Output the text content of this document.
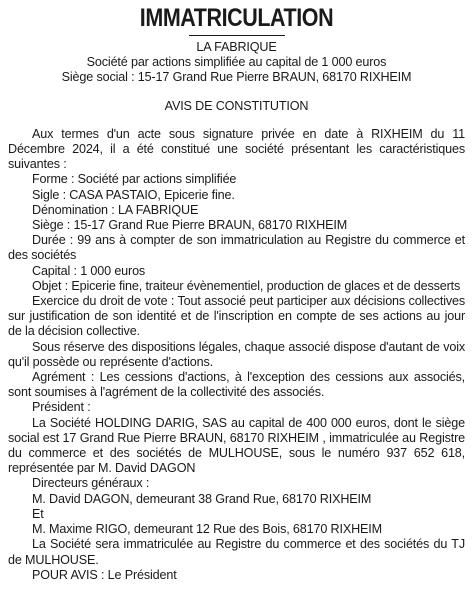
IMMATRICULATION
LA FABRIQUE
Société par actions simplifiée au capital de 1 000 euros
Siège social : 15-17 Grand Rue Pierre BRAUN, 68170 RIXHEIM
AVIS DE CONSTITUTION

Aux termes d'un acte sous signature privée en date à RIXHEIM du 11 Décembre 2024, il a été constitué une société présentant les caractéristiques suivantes :

Forme : Société par actions simplifiée

Sigle : CASA PASTAIO, Epicerie fine.

Dénomination : LA FABRIQUE

Siège : 15-17 Grand Rue Pierre BRAUN, 68170 RIXHEIM

Durée : 99 ans à compter de son immatriculation au Registre du commerce et des sociétés

Capital : 1 000 euros

Objet : Epicerie fine, traiteur évènementiel, production de glaces et de desserts

Exercice du droit de vote : Tout associé peut participer aux décisions collectives sur justification de son identité et de l'inscription en compte de ses actions au jour de la décision collective.

Sous réserve des dispositions légales, chaque associé dispose d'autant de voix qu'il possède ou représente d'actions.

Agrément : Les cessions d'actions, à l'exception des cessions aux associés, sont soumises à l'agrément de la collectivité des associés.

Président :

La Société HOLDING DARIG, SAS au capital de 400 000 euros, dont le siège social est 17 Grand Rue Pierre BRAUN, 68170 RIXHEIM , immatriculée au Registre du commerce et des sociétés de MULHOUSE, sous le numéro 937 652 618, représentée par M. David DAGON

Directeurs généraux :

M. David DAGON, demeurant 38 Grand Rue, 68170 RIXHEIM

Et

M. Maxime RIGO, demeurant 12 Rue des Bois, 68170 RIXHEIM

La Société sera immatriculée au Registre du commerce et des sociétés du TJ de MULHOUSE.

POUR AVIS : Le Président
